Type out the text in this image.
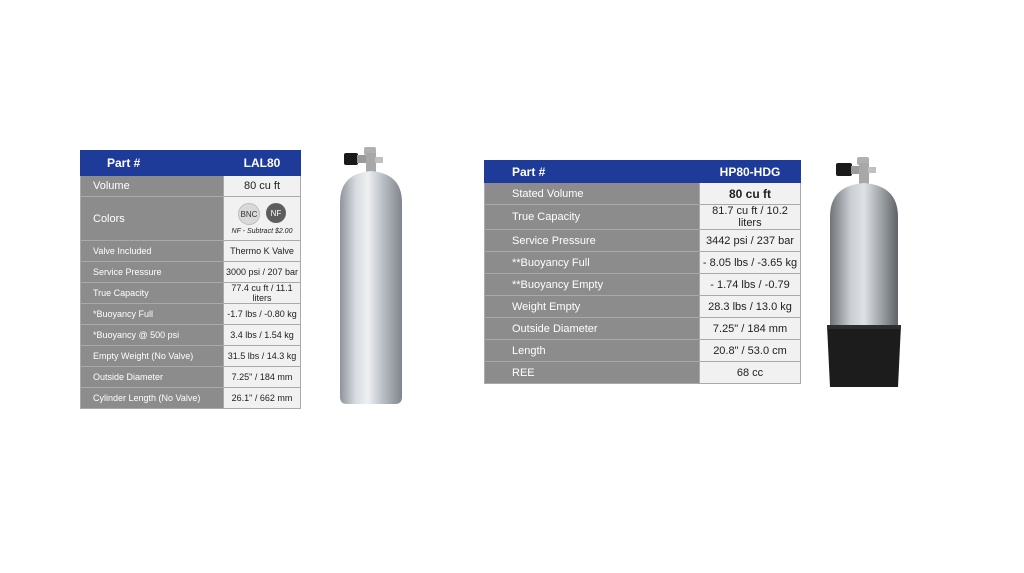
Part #	LAL80
Volume	80 cu ft
Colors	BNC NF
NF - Subtract $2.00

Valve Included	Thermo K Valve
Service Pressure	3000 psi / 207 bar
True Capacity	77.4 cu ft / 11.1 liters
*Buoyancy Full	-1.7 lbs / -0.80 kg
*Buoyancy @ 500 psi	3.4 lbs / 1.54 kg
Empty Weight (No Valve)	31.5 lbs / 14.3 kg
Outside Diameter	7.25" / 184 mm
Cylinder Length (No Valve)	26.1" / 662 mm
Part #	HP80-HDG
Stated Volume	80 cu ft
True Capacity	81.7 cu ft / 10.2 liters
Service Pressure	3442 psi / 237 bar
**Buoyancy Full	- 8.05 lbs / -3.65 kg
**Buoyancy Empty	- 1.74 lbs / -0.79
Weight Empty	28.3 lbs / 13.0 kg
Outside Diameter	7.25" / 184 mm
Length	20.8" / 53.0 cm
REE	68 cc
